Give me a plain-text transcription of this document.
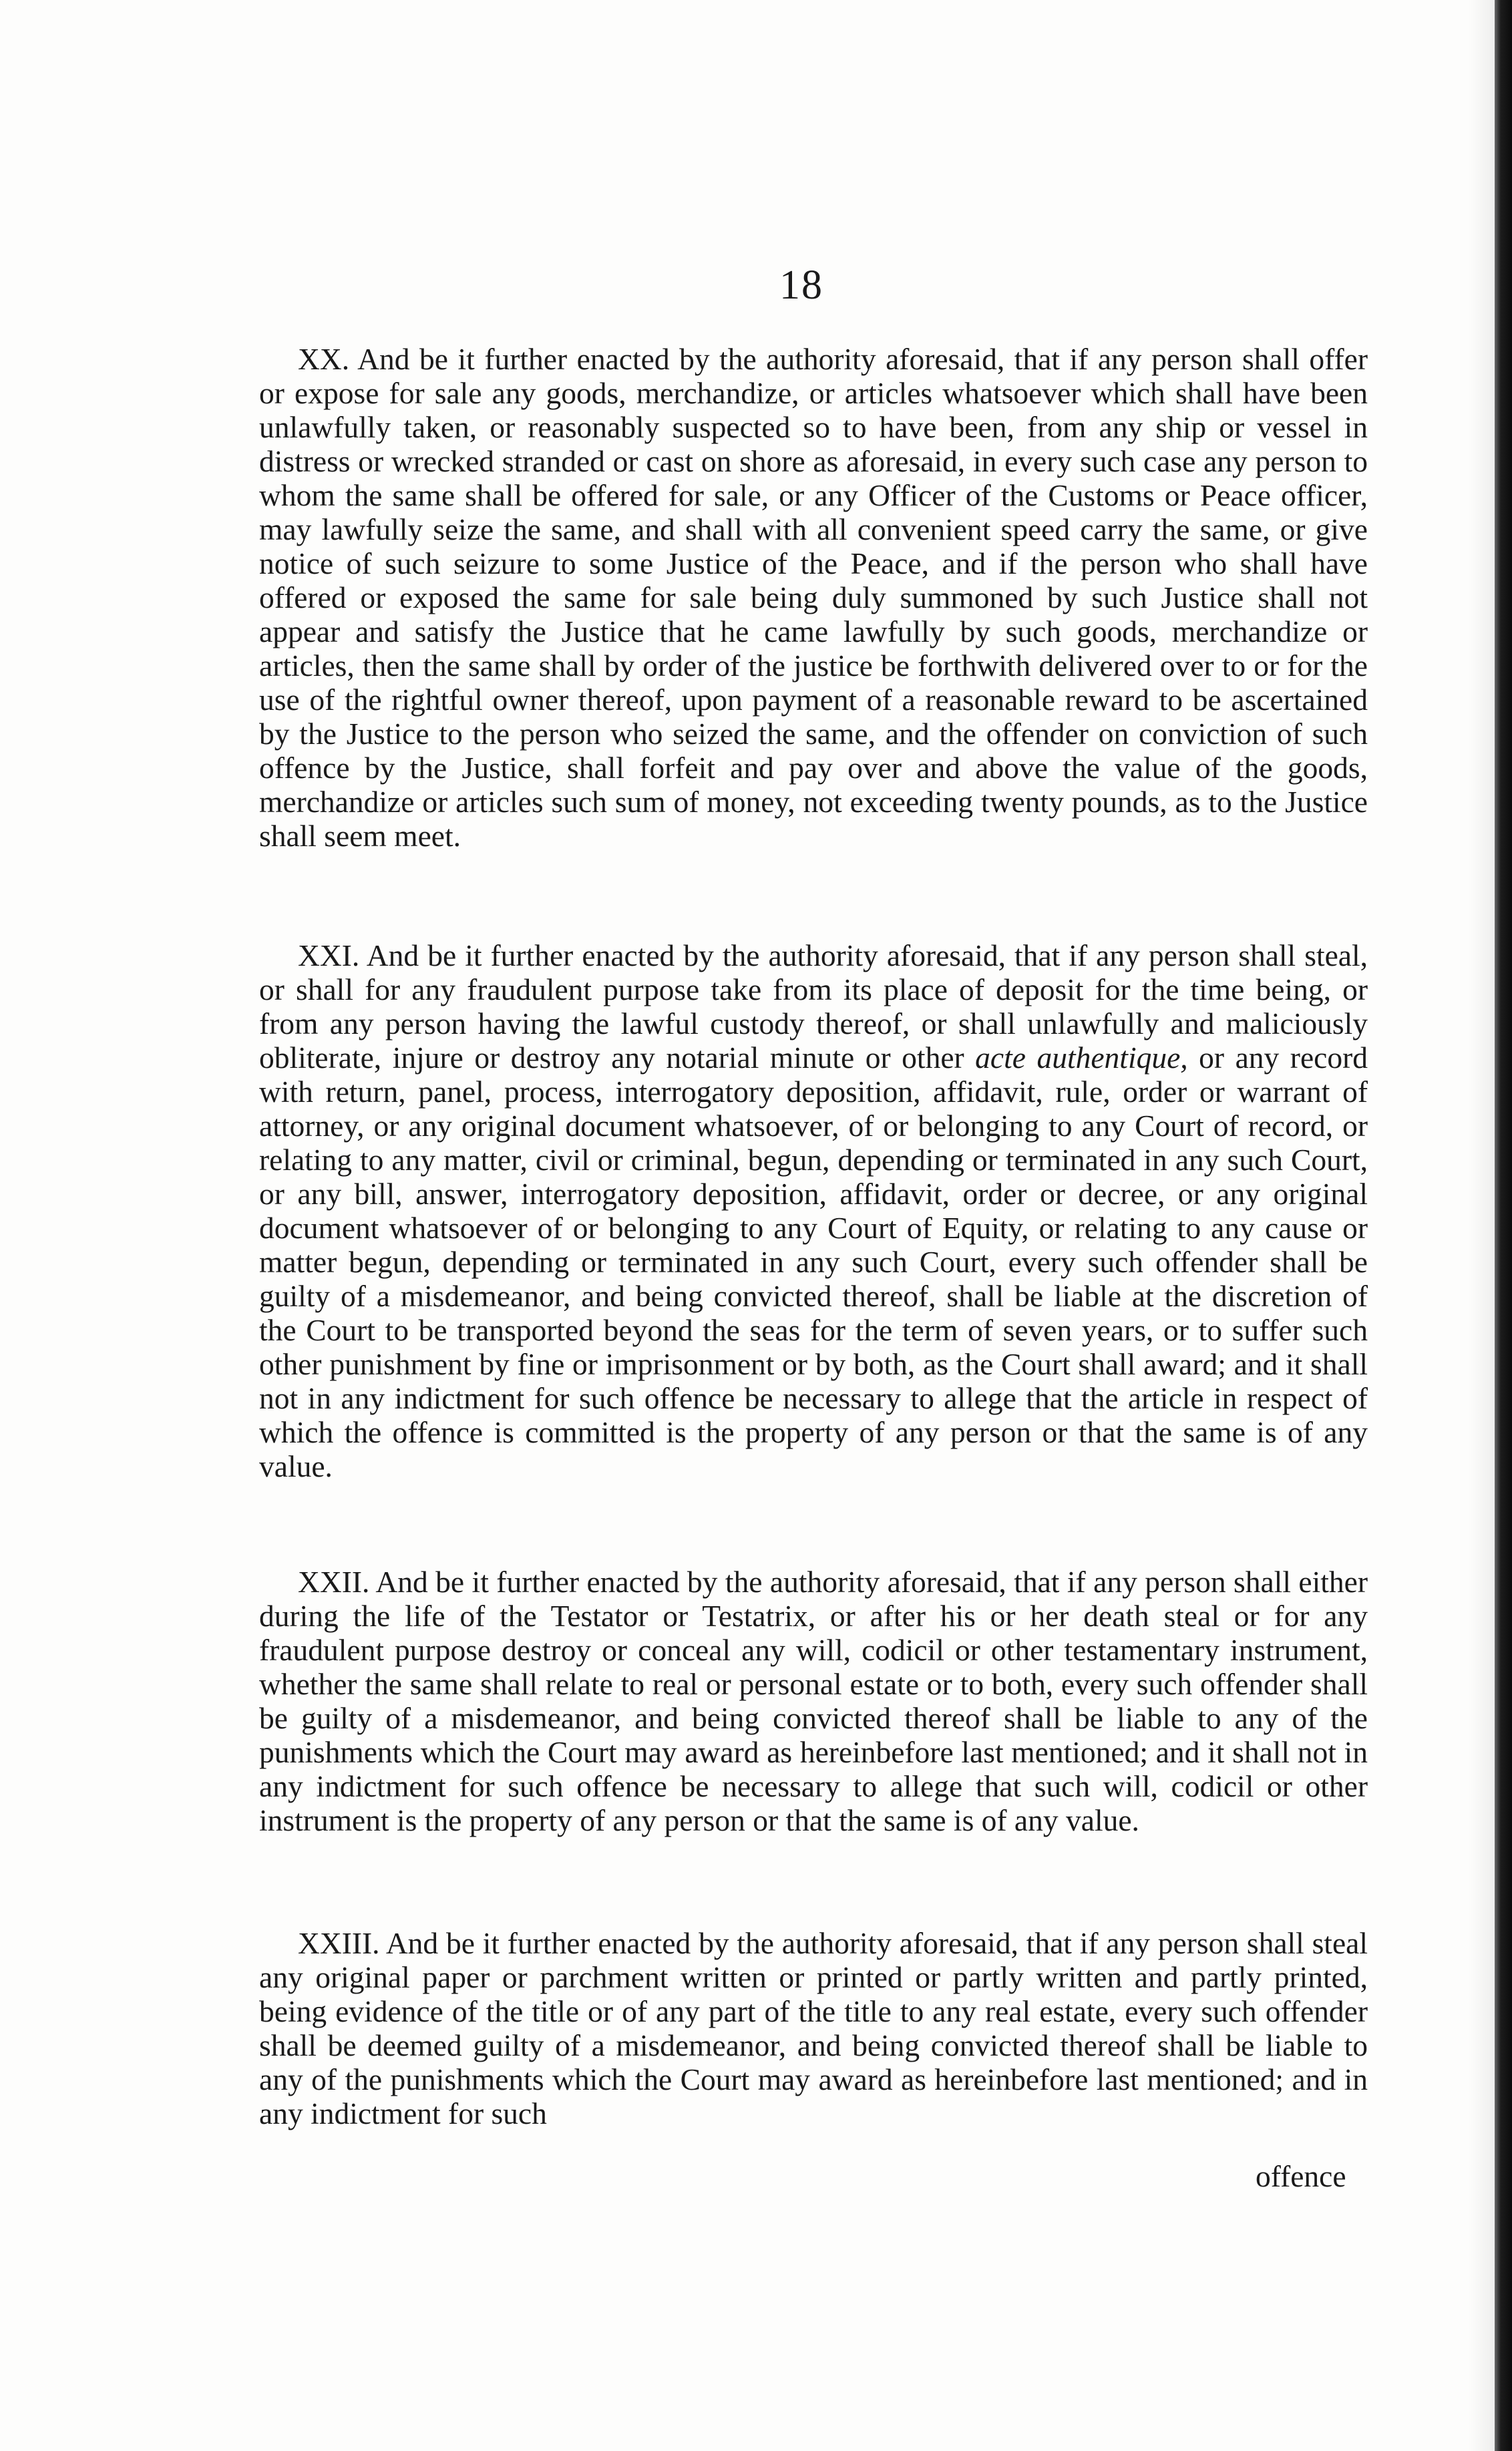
18

XX. And be it further enacted by the authority aforesaid, that if any person shall offer or expose for sale any goods, merchandize, or articles whatsoever which shall have been unlawfully taken, or reasonably suspected so to have been, from any ship or vessel in distress or wrecked stranded or cast on shore as aforesaid, in every such case any person to whom the same shall be offered for sale, or any Officer of the Customs or Peace officer, may lawfully seize the same, and shall with all convenient speed carry the same, or give notice of such seizure to some Justice of the Peace, and if the person who shall have offered or exposed the same for sale being duly summoned by such Justice shall not appear and satisfy the Justice that he came lawfully by such goods, merchandize or articles, then the same shall by order of the justice be forthwith delivered over to or for the use of the rightful owner thereof, upon payment of a reasonable reward to be ascertained by the Justice to the person who seized the same, and the offender on conviction of such offence by the Justice, shall forfeit and pay over and above the value of the goods, merchandize or articles such sum of money, not exceeding twenty pounds, as to the Justice shall seem meet.

XXI. And be it further enacted by the authority aforesaid, that if any person shall steal, or shall for any fraudulent purpose take from its place of deposit for the time being, or from any person having the lawful custody thereof, or shall unlawfully and maliciously obliterate, injure or destroy any notarial minute or other acte authentique, or any record with return, panel, process, interrogatory deposition, affidavit, rule, order or warrant of attorney, or any original document whatsoever, of or belonging to any Court of record, or relating to any matter, civil or criminal, begun, depending or terminated in any such Court, or any bill, answer, interrogatory deposition, affidavit, order or decree, or any original document whatsoever of or belonging to any Court of Equity, or relating to any cause or matter begun, depending or terminated in any such Court, every such offender shall be guilty of a misdemeanor, and being convicted thereof, shall be liable at the discretion of the Court to be transported beyond the seas for the term of seven years, or to suffer such other punishment by fine or imprisonment or by both, as the Court shall award; and it shall not in any indictment for such offence be necessary to allege that the article in respect of which the offence is committed is the property of any person or that the same is of any value.

XXII. And be it further enacted by the authority aforesaid, that if any person shall either during the life of the Testator or Testatrix, or after his or her death steal or for any fraudulent purpose destroy or conceal any will, codicil or other testamentary instrument, whether the same shall relate to real or personal estate or to both, every such offender shall be guilty of a misdemeanor, and being convicted thereof shall be liable to any of the punishments which the Court may award as hereinbefore last mentioned; and it shall not in any indictment for such offence be necessary to allege that such will, codicil or other instrument is the property of any person or that the same is of any value.

XXIII. And be it further enacted by the authority aforesaid, that if any person shall steal any original paper or parchment written or printed or partly written and partly printed, being evidence of the title or of any part of the title to any real estate, every such offender shall be deemed guilty of a misdemeanor, and being convicted thereof shall be liable to any of the punishments which the Court may award as hereinbefore last mentioned; and in any indictment for such

offence
